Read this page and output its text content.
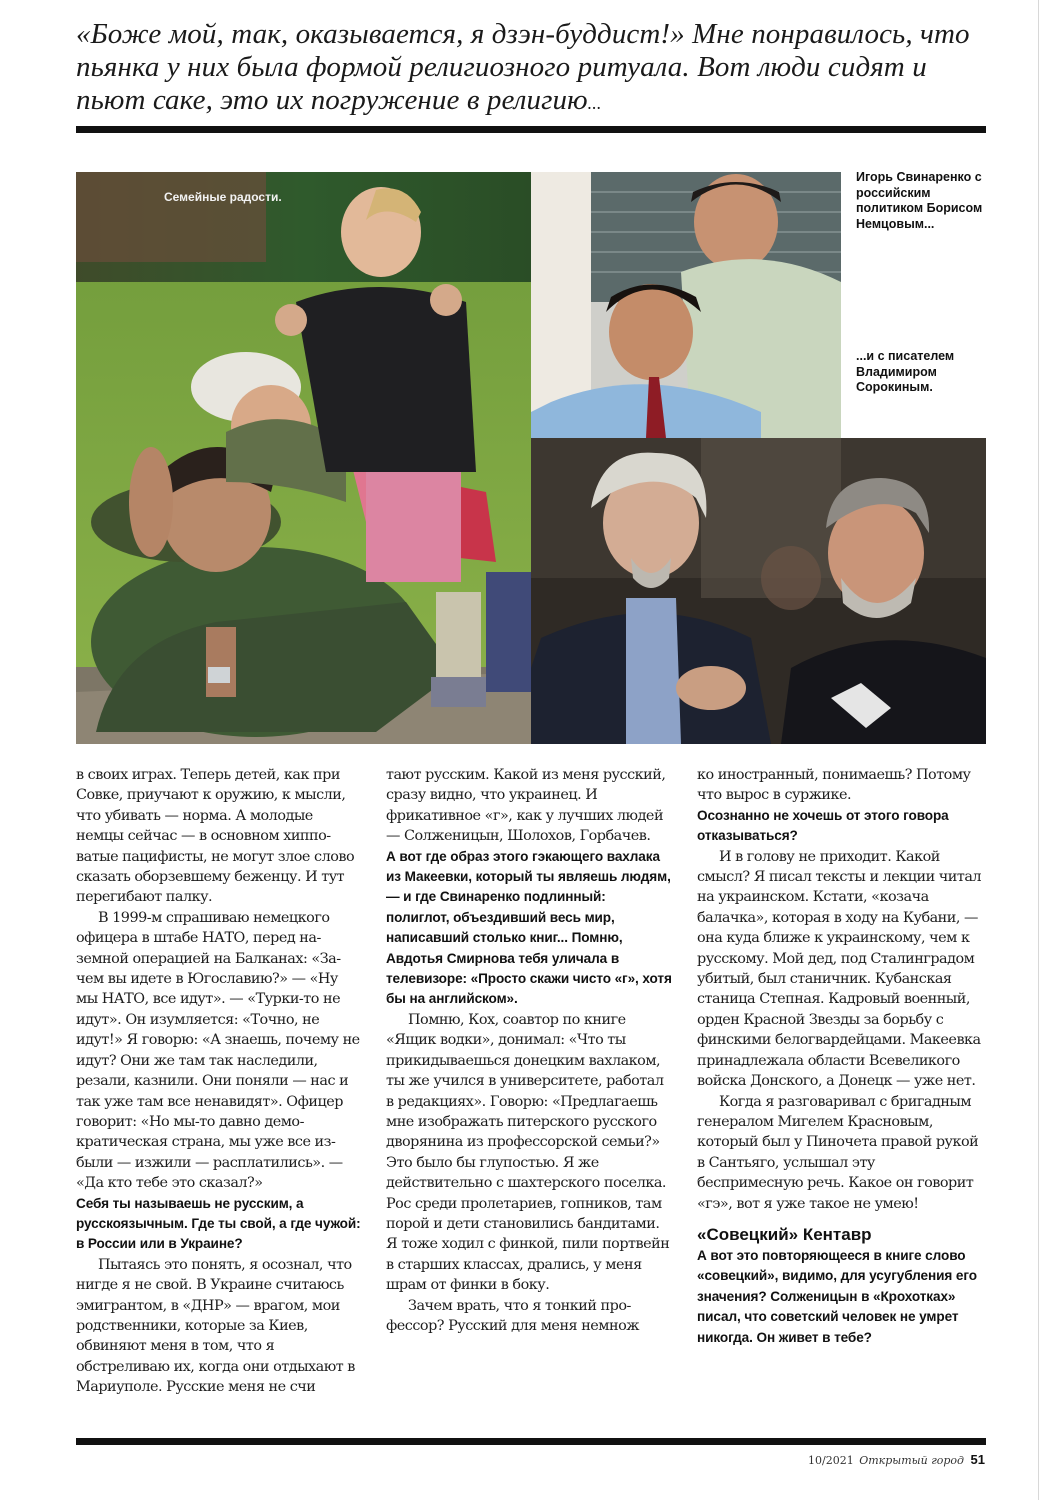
«Боже мой, так, оказывается, я дзэн-буддист!» Мне понравилось, что пьянка у них была формой религиозного ритуала. Вот люди сидят и пьют саке, это их погружение в религию...
Семейные радости.
Игорь Свинаренко с российским политиком Борисом Немцовым...
...и с писателем Владимиром Сорокиным.

в своих играх. Теперь детей, как при Совке, приучают к оружию, к мысли, что убивать — норма. А молодые немцы сейчас — в основном хипповатые пацифисты, не могут злое слово сказать оборзевшему беженцу. И тут перегибают палку.

В 1999-м спрашиваю немецкого офицера в штабе НАТО, перед наземной операцией на Балканах: «Зачем вы идете в Югославию?» — «Ну мы НАТО, все идут». — «Турки-то не идут». Он изумляется: «Точно, не идут!» Я говорю: «А знаешь, почему не идут? Они же там так наследили, резали, казнили. Они поняли — нас и так уже там все ненавидят». Офицер говорит: «Но мы-то давно демократическая страна, мы уже все избыли — изжили — расплатились». — «Да кто тебе это сказал?»

Себя ты называешь не русским, а русскоязычным. Где ты свой, а где чужой: в России или в Украине?

Пытаясь это понять, я осознал, что нигде я не свой. В Украине считаюсь эмигрантом, в «ДНР» — врагом, мои родственники, которые за Киев, обвиняют меня в том, что я обстреливаю их, когда они отдыхают в Мариуполе. Русские меня не счи

тают русским. Какой из меня русский, сразу видно, что украинец. И фрикативное «г», как у лучших людей — Солженицын, Шолохов, Горбачев.

А вот где образ этого гэкающего вахлака из Макеевки, который ты являешь людям, — и где Свинаренко подлинный: полиглот, объездивший весь мир, написавший столько книг... Помню, Авдотья Смирнова тебя уличала в телевизоре: «Просто скажи чисто «г», хотя бы на английском».

Помню, Кох, соавтор по книге «Ящик водки», донимал: «Что ты прикидываешься донецким вахлаком, ты же учился в университете, работал в редакциях». Говорю: «Предлагаешь мне изображать питерского русского дворянина из профессорской семьи?» Это было бы глупостью. Я же действительно с шахтерского поселка. Рос среди пролетариев, гопников, там порой и дети становились бандитами. Я тоже ходил с финкой, пили портвейн в старших классах, дрались, у меня шрам от финки в боку.

Зачем врать, что я тонкий профессор? Русский для меня немнож

ко иностранный, понимаешь? Потому что вырос в суржике.

Осознанно не хочешь от этого говора отказываться?

И в голову не приходит. Какой смысл? Я писал тексты и лекции читал на украинском. Кстати, «козача балачка», которая в ходу на Кубани, — она куда ближе к украинскому, чем к русскому. Мой дед, под Сталинградом убитый, был станичник. Кубанская станица Степная. Кадровый военный, орден Красной Звезды за борьбу с финскими белогвардейцами. Макеевка принадлежала области Всевеликого войска Донского, а Донецк — уже нет.

Когда я разговаривал с бригадным генералом Мигелем Красновым, который был у Пиночета правой рукой в Сантьяго, услышал эту беспримесную речь. Какое он говорит «гэ», вот я уже такое не умею!

«Совецкий» Кентавр

А вот это повторяющееся в книге слово «совецкий», видимо, для усугубления его значения? Солженицын в «Крохотках» писал, что советский человек не умрет никогда. Он живет в тебе?

10/2021 Открытый город 51
